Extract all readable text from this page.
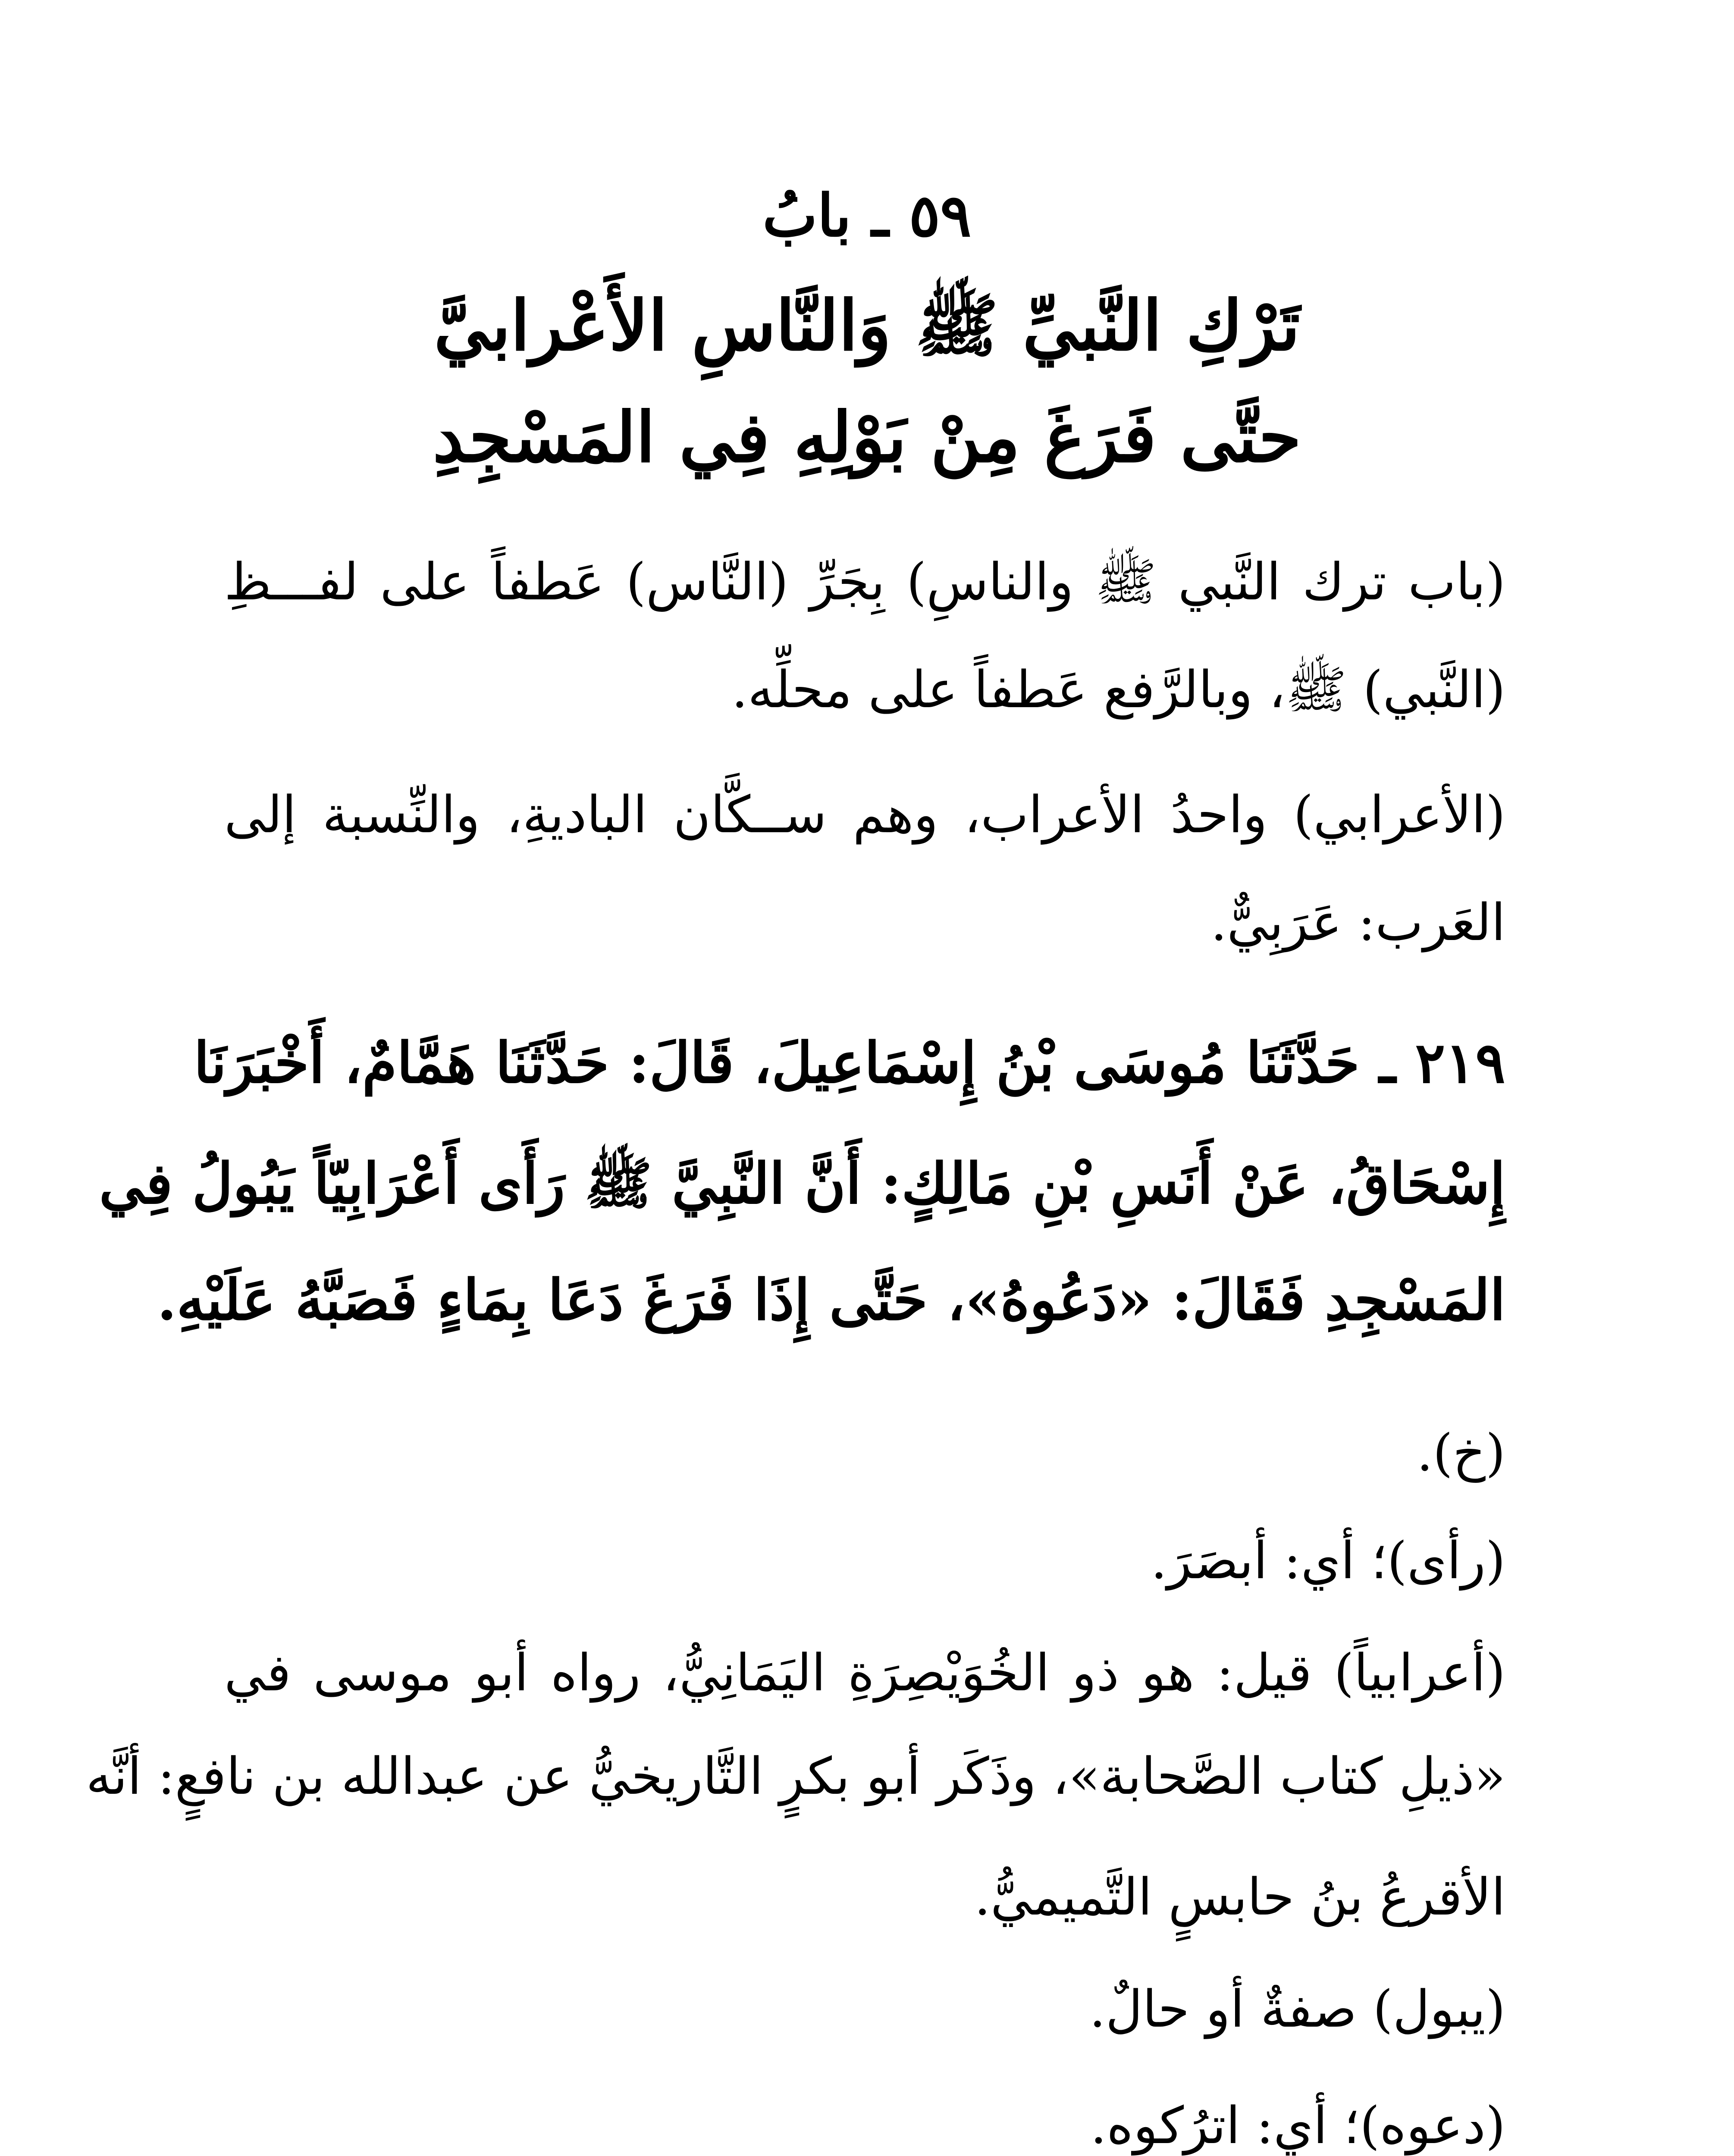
٥٩ ـ بابُ
تَرْكِ النَّبيِّ ﷺ وَالنَّاسِ الأَعْرابيَّ
حتَّى فَرَغَ مِنْ بَوْلِهِ فِي المَسْجِدِ
(باب ترك النَّبي ﷺ والناسِ) بِجَرِّ (النَّاس) عَطفاً على لفـــظِ
(النَّبي) ﷺ، وبالرَّفع عَطفاً على محلِّه.
(الأعرابي) واحدُ الأعراب، وهم ســكَّان الباديةِ، والنِّسبة إلى
العَرب: عَرَبِيٌّ.
٢١٩ ـ حَدَّثَنَا مُوسَى بْنُ إِسْمَاعِيلَ، قَالَ: حَدَّثَنَا هَمَّامٌ، أَخْبَرَنَا
إِسْحَاقُ، عَنْ أَنَسِ بْنِ مَالِكٍ: أَنَّ النَّبِيَّ ﷺ رَأَى أَعْرَابِيّاً يَبُولُ فِي
المَسْجِدِ فَقَالَ: «دَعُوهُ»، حَتَّى إِذَا فَرَغَ دَعَا بِمَاءٍ فَصَبَّهُ عَلَيْهِ.
(خ).
(رأى)؛ أي: أبصَرَ.
(أعرابياً) قيل: هو ذو الخُوَيْصِرَةِ اليَمَانِيُّ، رواه أبو موسى في
«ذيلِ كتاب الصَّحابة»، وذَكَر أبو بكرٍ التَّاريخيُّ عن عبدالله بن نافعٍ: أنَّه
الأقرعُ بنُ حابسٍ التَّميميُّ.
(يبول) صفةٌ أو حالٌ.
(دعوه)؛ أي: اترُكوه.
